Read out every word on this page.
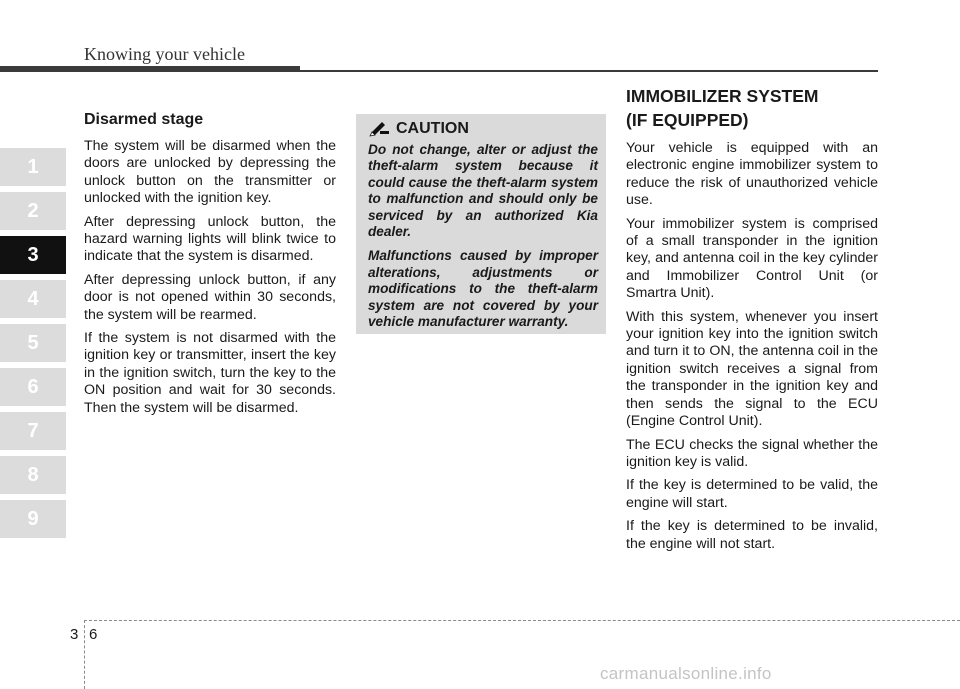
Knowing your vehicle
1
2
3
4
5
6
7
8
9
Disarmed stage

The system will be disarmed when the doors are unlocked by depressing the unlock button on the transmitter or unlocked with the ignition key.

After depressing unlock button, the hazard warning lights will blink twice to indicate that the system is disarmed.

After depressing unlock button, if any door is not opened within 30 seconds, the system will be rearmed.

If the system is not disarmed with the ignition key or transmitter, insert the key in the ignition switch, turn the key to the ON position and wait for 30 seconds. Then the system will be disarmed.

CAUTION

Do not change, alter or adjust the theft-alarm system because it could cause the theft-alarm system to malfunction and should only be serviced by an authorized Kia dealer.

Malfunctions caused by improper alterations, adjustments or modifications to the theft-alarm system are not covered by your vehicle manufacturer warranty.

IMMOBILIZER SYSTEM
(IF EQUIPPED)

Your vehicle is equipped with an electronic engine immobilizer system to reduce the risk of unauthorized vehicle use.

Your immobilizer system is comprised of a small transponder in the ignition key, and antenna coil in the key cylinder and Immobilizer Control Unit (or Smartra Unit).

With this system, whenever you insert your ignition key into the ignition switch and turn it to ON, the antenna coil in the ignition switch receives a signal from the transponder in the ignition key and then sends the signal to the ECU (Engine Control Unit).

The ECU checks the signal whether the ignition key is valid.

If the key is determined to be valid, the engine will start.

If the key is determined to be invalid, the engine will not start.

3 6
carmanualsonline.info
